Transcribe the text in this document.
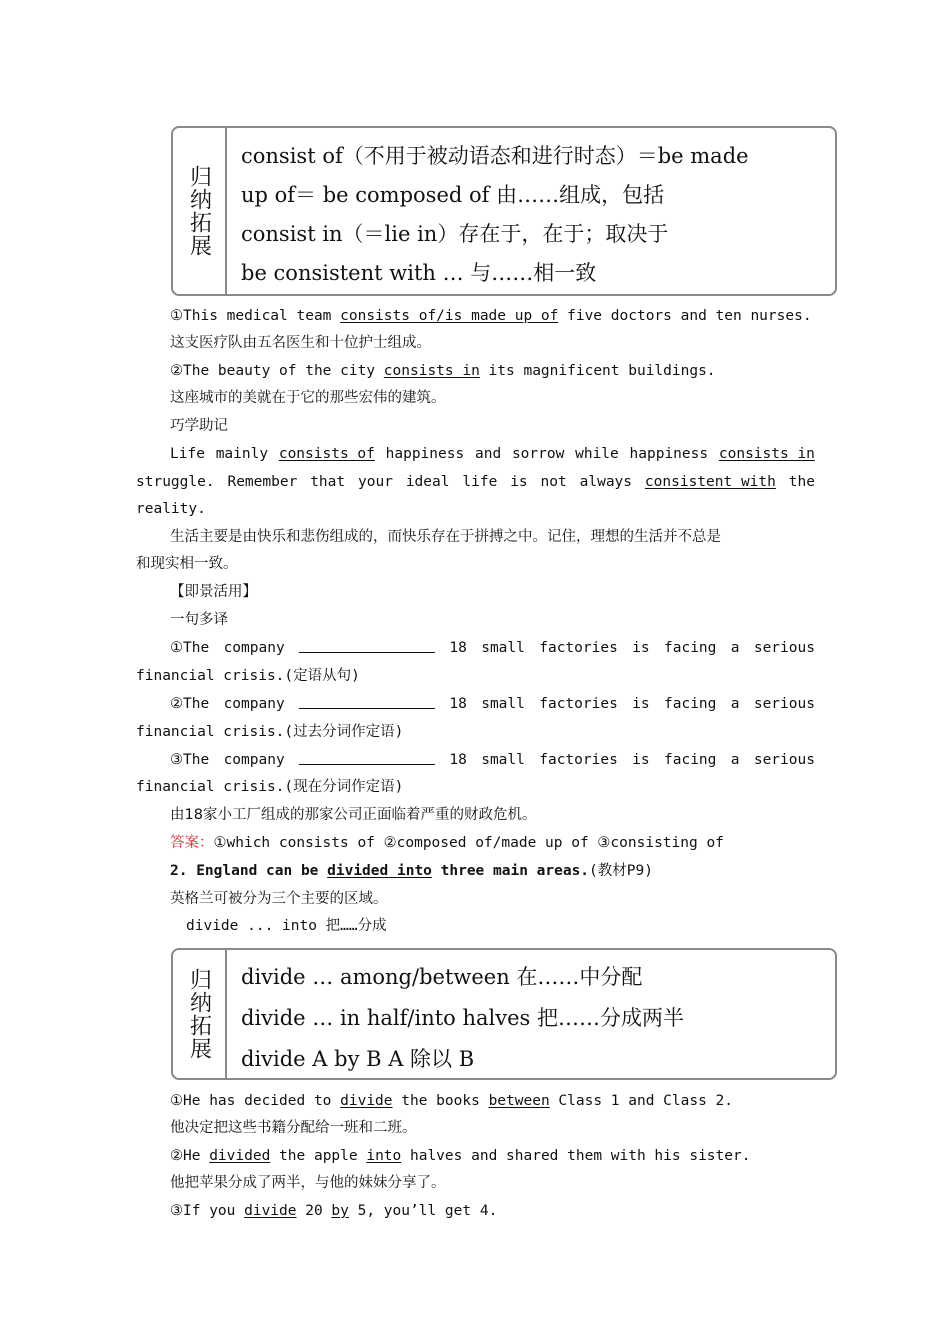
归纳拓展
consist of（不用于被动语态和进行时态）＝be made
up of＝ be composed of 由……组成，包括
consist in（＝lie in）存在于，在于；取决于
be consistent with … 与……相一致
①This medical team consists of/is made up of five doctors and ten nurses.
这支医疗队由五名医生和十位护士组成。
②The beauty of the city consists in its magnificent buildings.
这座城市的美就在于它的那些宏伟的建筑。
巧学助记
Life mainly consists of happiness and sorrow while happiness consists in
struggle. Remember that your ideal life is not always consistent with the
reality.
生活主要是由快乐和悲伤组成的，而快乐存在于拼搏之中。记住，理想的生活并不总是
和现实相一致。
【即景活用】
一句多译
①The company	18 small factories is facing a serious
financial crisis.(定语从句)
②The company	18 small factories is facing a serious
financial crisis.(过去分词作定语)
③The company	18 small factories is facing a serious
financial crisis.(现在分词作定语)
由18家小工厂组成的那家公司正面临着严重的财政危机。
答案：①which consists of ②composed of/made up of ③consisting of
2. England can be divided into three main areas.(教材P9)
英格兰可被分为三个主要的区域。
divide ... into 把……分成
归纳拓展 divide … among/between 在……中分配
divide … in half/into halves 把……分成两半
divide A by B A 除以 B
①He has decided to divide the books between Class 1 and Class 2.
他决定把这些书籍分配给一班和二班。
②He divided the apple into halves and shared them with his sister.
他把苹果分成了两半，与他的妹妹分享了。
③If you divide 20 by 5, you’ll get 4.
